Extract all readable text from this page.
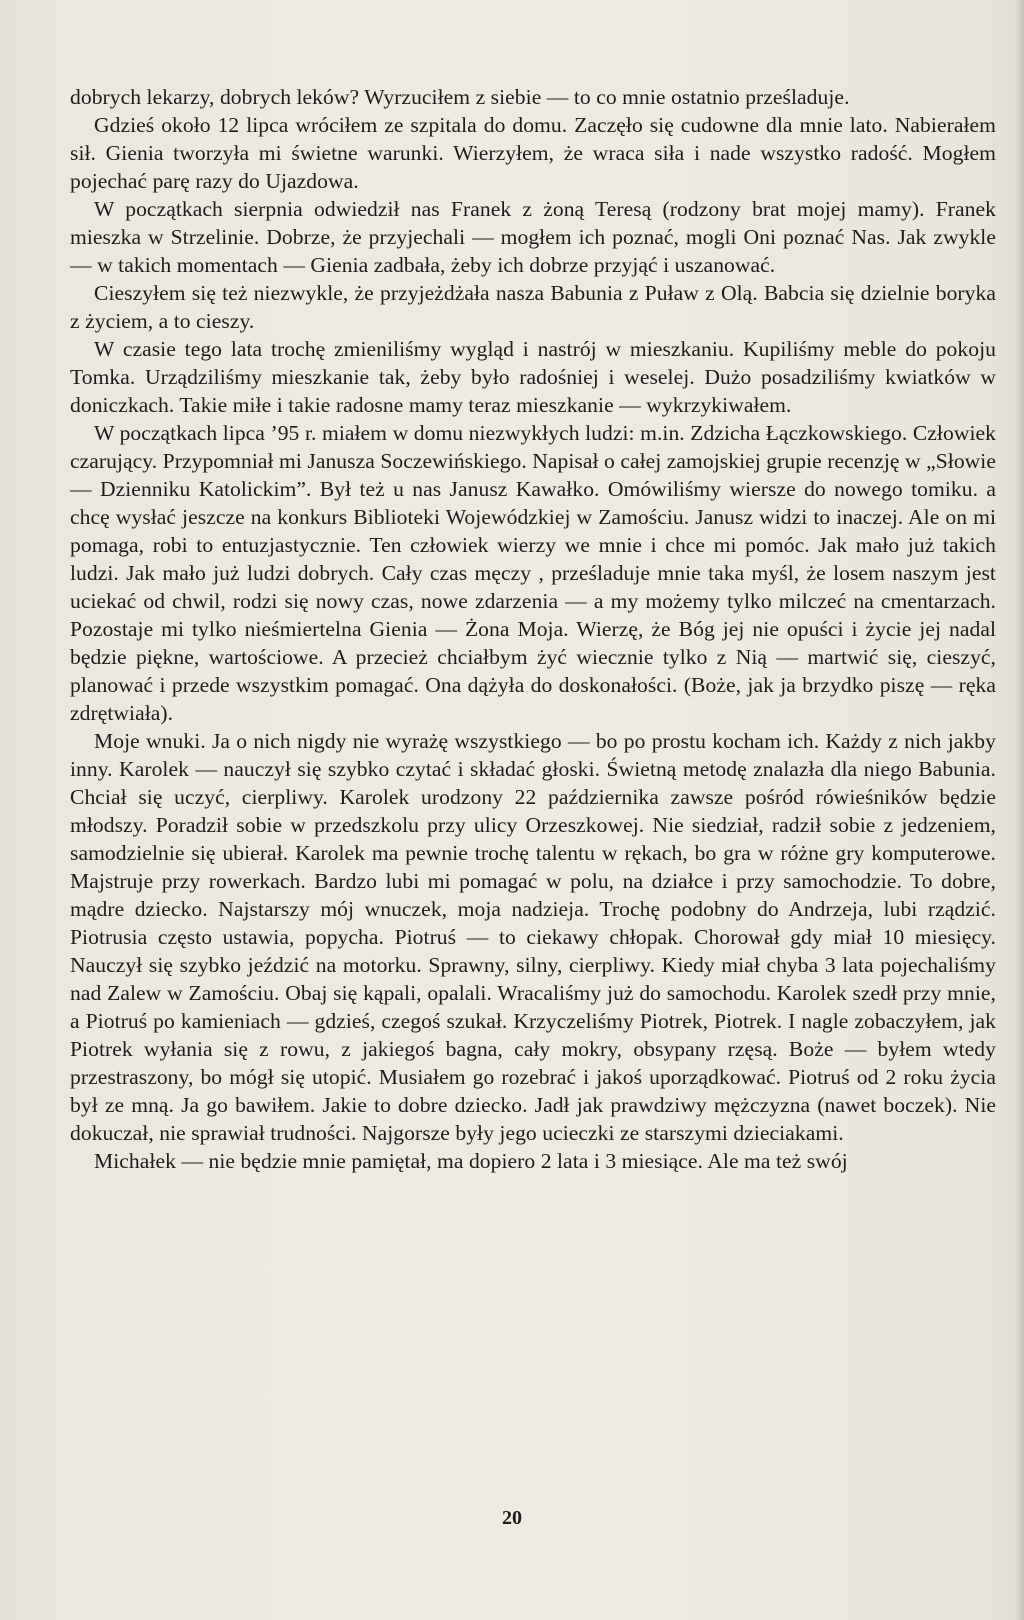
dobrych lekarzy, dobrych leków? Wyrzuciłem z siebie — to co mnie ostatnio prześladuje.

Gdzieś około 12 lipca wróciłem ze szpitala do domu. Zaczęło się cudowne dla mnie lato. Nabierałem sił. Gienia tworzyła mi świetne warunki. Wierzyłem, że wraca siła i nade wszystko radość. Mogłem pojechać parę razy do Ujazdowa.

W początkach sierpnia odwiedził nas Franek z żoną Teresą (rodzony brat mojej mamy). Franek mieszka w Strzelinie. Dobrze, że przyjechali — mogłem ich poznać, mogli Oni poznać Nas. Jak zwykle — w takich momentach — Gienia zadbała, żeby ich dobrze przyjąć i uszanować.

Cieszyłem się też niezwykle, że przyjeżdżała nasza Babunia z Puław z Olą. Babcia się dzielnie boryka z życiem, a to cieszy.

W czasie tego lata trochę zmieniliśmy wygląd i nastrój w mieszkaniu. Kupiliśmy meble do pokoju Tomka. Urządziliśmy mieszkanie tak, żeby było radośniej i weselej. Dużo posadziliśmy kwiatków w doniczkach. Takie miłe i takie radosne mamy teraz mieszkanie — wykrzykiwałem.

W początkach lipca ’95 r. miałem w domu niezwykłych ludzi: m.in. Zdzicha Łączkowskiego. Człowiek czarujący. Przypomniał mi Janusza Soczewińskiego. Napisał o całej zamojskiej grupie recenzję w „Słowie — Dzienniku Katolickim”. Był też u nas Janusz Kawałko. Omówiliśmy wiersze do nowego tomiku. a chcę wysłać jeszcze na konkurs Biblioteki Wojewódzkiej w Zamościu. Janusz widzi to inaczej. Ale on mi pomaga, robi to entuzjastycznie. Ten człowiek wierzy we mnie i chce mi pomóc. Jak mało już takich ludzi. Jak mało już ludzi dobrych. Cały czas męczy , prześladuje mnie taka myśl, że losem naszym jest uciekać od chwil, rodzi się nowy czas, nowe zdarzenia — a my możemy tylko milczeć na cmentarzach. Pozostaje mi tylko nieśmiertelna Gienia — Żona Moja. Wierzę, że Bóg jej nie opuści i życie jej nadal będzie piękne, wartościowe. A przecież chciałbym żyć wiecznie tylko z Nią — martwić się, cieszyć, planować i przede wszystkim pomagać. Ona dążyła do doskonałości. (Boże, jak ja brzydko piszę — ręka zdrętwiała).

Moje wnuki. Ja o nich nigdy nie wyrażę wszystkiego — bo po prostu kocham ich. Każdy z nich jakby inny. Karolek — nauczył się szybko czytać i składać głoski. Świetną metodę znalazła dla niego Babunia. Chciał się uczyć, cierpliwy. Karolek urodzony 22 października zawsze pośród rówieśników będzie młodszy. Poradził sobie w przedszkolu przy ulicy Orzeszkowej. Nie siedział, radził sobie z jedzeniem, samodzielnie się ubierał. Karolek ma pewnie trochę talentu w rękach, bo gra w różne gry komputerowe. Majstruje przy rowerkach. Bardzo lubi mi pomagać w polu, na działce i przy samochodzie. To dobre, mądre dziecko. Najstarszy mój wnuczek, moja nadzieja. Trochę podobny do Andrzeja, lubi rządzić. Piotrusia często ustawia, popycha. Piotruś — to ciekawy chłopak. Chorował gdy miał 10 miesięcy. Nauczył się szybko jeździć na motorku. Sprawny, silny, cierpliwy. Kiedy miał chyba 3 lata pojechaliśmy nad Zalew w Zamościu. Obaj się kąpali, opalali. Wracaliśmy już do samochodu. Karolek szedł przy mnie, a Piotruś po kamieniach — gdzieś, czegoś szukał. Krzyczeliśmy Piotrek, Piotrek. I nagle zobaczyłem, jak Piotrek wyłania się z rowu, z jakiegoś bagna, cały mokry, obsypany rzęsą. Boże — byłem wtedy przestraszony, bo mógł się utopić. Musiałem go rozebrać i jakoś uporządkować. Piotruś od 2 roku życia był ze mną. Ja go bawiłem. Jakie to dobre dziecko. Jadł jak prawdziwy mężczyzna (nawet boczek). Nie dokuczał, nie sprawiał trudności. Najgorsze były jego ucieczki ze starszymi dzieciakami.

Michałek — nie będzie mnie pamiętał, ma dopiero 2 lata i 3 miesiące. Ale ma też swój

20
